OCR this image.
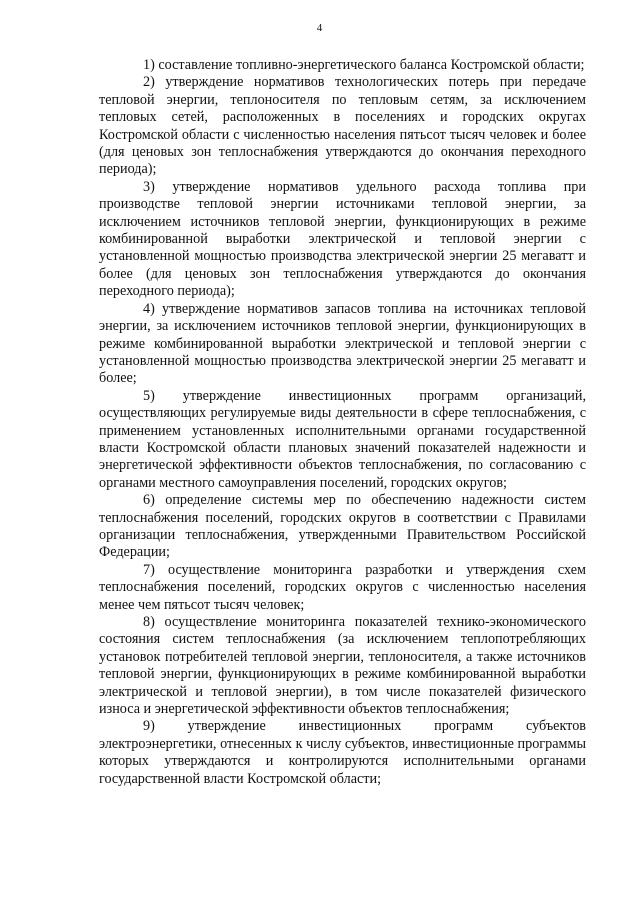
4

1) составление топливно-энергетического баланса Костромской области;

2) утверждение нормативов технологических потерь при передаче тепловой энергии, теплоносителя по тепловым сетям, за исключением тепловых сетей, расположенных в поселениях и городских округах Костромской области с численностью населения пятьсот тысяч человек и более (для ценовых зон теплоснабжения утверждаются до окончания переходного периода);

3) утверждение нормативов удельного расхода топлива при производстве тепловой энергии источниками тепловой энергии, за исключением источников тепловой энергии, функционирующих в режиме комбинированной выработки электрической и тепловой энергии с установленной мощностью производства электрической энергии 25 мегаватт и более (для ценовых зон теплоснабжения утверждаются до окончания переходного периода);

4) утверждение нормативов запасов топлива на источниках тепловой энергии, за исключением источников тепловой энергии, функционирующих в режиме комбинированной выработки электрической и тепловой энергии с установленной мощностью производства электрической энергии 25 мегаватт и более;

5) утверждение инвестиционных программ организаций, осуществляющих регулируемые виды деятельности в сфере теплоснабжения, с применением установленных исполнительными органами государственной власти Костромской области плановых значений показателей надежности и энергетической эффективности объектов теплоснабжения, по согласованию с органами местного самоуправления поселений, городских округов;

6) определение системы мер по обеспечению надежности систем теплоснабжения поселений, городских округов в соответствии с Правилами организации теплоснабжения, утвержденными Правительством Российской Федерации;

7) осуществление мониторинга разработки и утверждения схем теплоснабжения поселений, городских округов с численностью населения менее чем пятьсот тысяч человек;

8) осуществление мониторинга показателей технико-экономического состояния систем теплоснабжения (за исключением теплопотребляющих установок потребителей тепловой энергии, теплоносителя, а также источников тепловой энергии, функционирующих в режиме комбинированной выработки электрической и тепловой энергии), в том числе показателей физического износа и энергетической эффективности объектов теплоснабжения;

9) утверждение инвестиционных программ субъектов электроэнергетики, отнесенных к числу субъектов, инвестиционные программы которых утверждаются и контролируются исполнительными органами государственной власти Костромской области;
